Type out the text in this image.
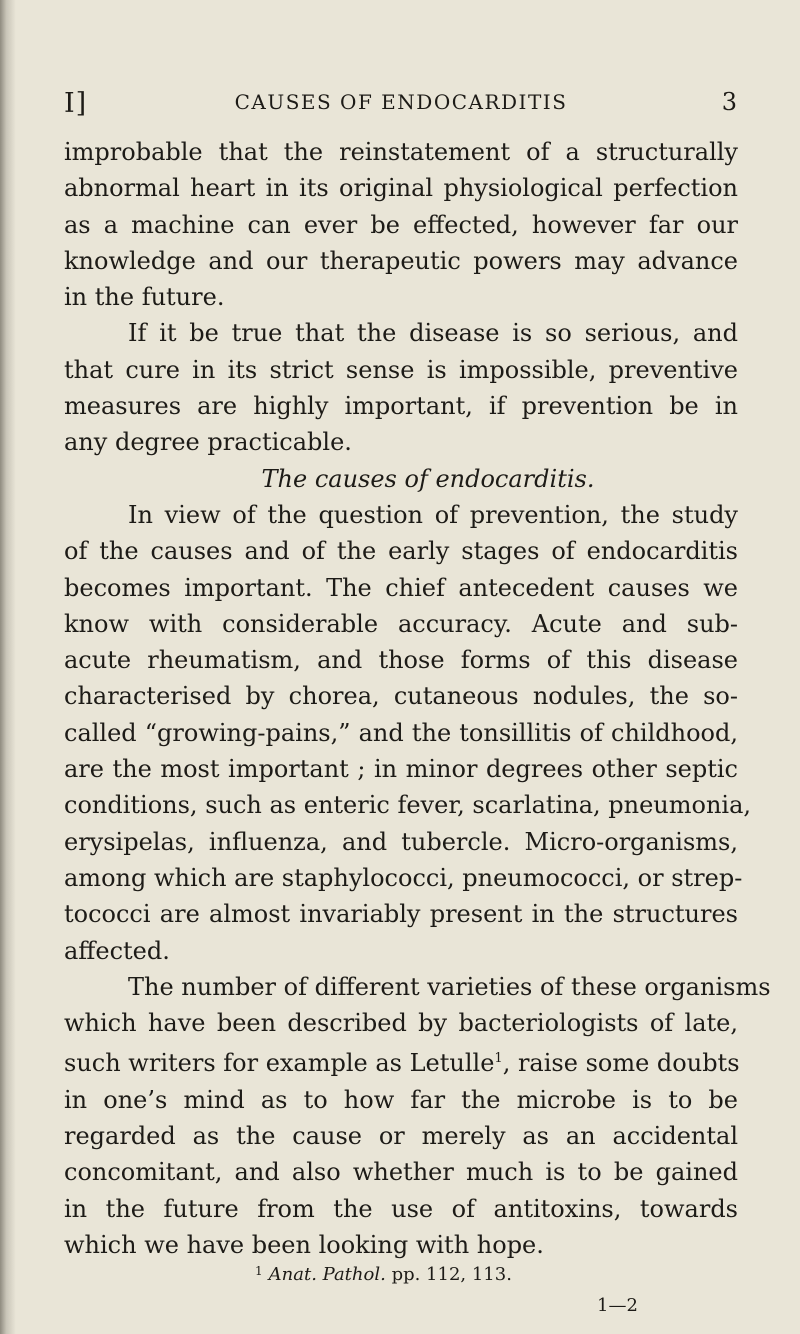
I]	CAUSES OF ENDOCARDITIS	3

improbable that the reinstatement of a structurally
abnormal heart in its original physiological perfection
as a machine can ever be effected, however far our
knowledge and our therapeutic powers may advance
in the future.

If it be true that the disease is so serious, and
that cure in its strict sense is impossible, preventive
measures are highly important, if prevention be in
any degree practicable.

The causes of endocarditis.

In view of the question of prevention, the study
of the causes and of the early stages of endocarditis
becomes important. The chief antecedent causes we
know with considerable accuracy. Acute and sub-
acute rheumatism, and those forms of this disease
characterised by chorea, cutaneous nodules, the so-
called “growing-pains,” and the tonsillitis of childhood,
are the most important ; in minor degrees other septic
conditions, such as enteric fever, scarlatina, pneumonia,
erysipelas, influenza, and tubercle. Micro-organisms,
among which are staphylococci, pneumococci, or strep-
tococci are almost invariably present in the structures
affected.

The number of different varieties of these organisms
which have been described by bacteriologists of late,
such writers for example as Letulle$^1$, raise some doubts
in one’s mind as to how far the microbe is to be
regarded as the cause or merely as an accidental
concomitant, and also whether much is to be gained
in the future from the use of antitoxins, towards
which we have been looking with hope.

$^1$ Anat. Pathol. pp. 112, 113.
1—2
